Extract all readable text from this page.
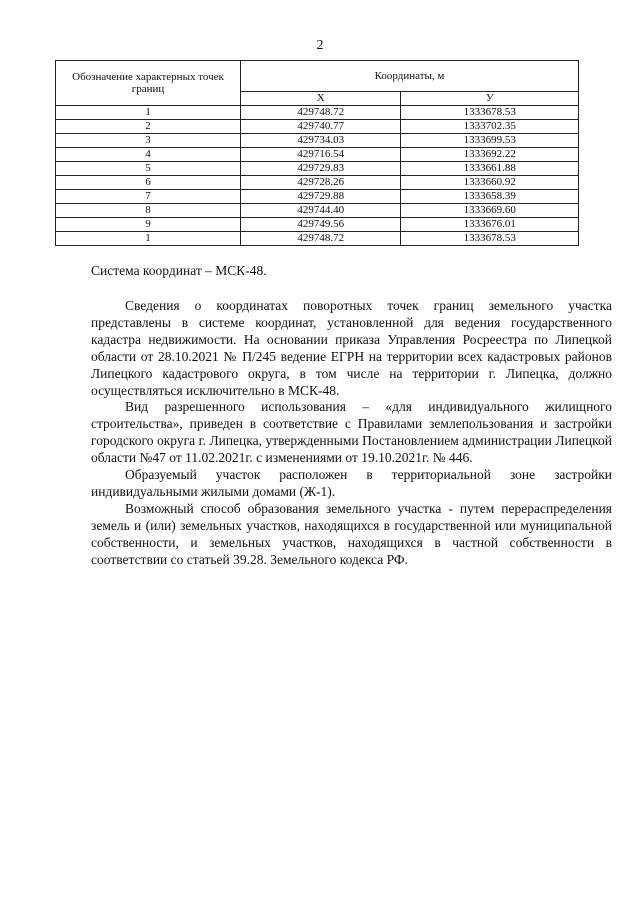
2
Обозначение характерных точек границ	Координаты, м	
	Х	У
1	429748.72	1333678.53
2	429740.77	1333702.35
3	429734.03	1333699.53
4	429716.54	1333692.22
5	429729.83	1333661.88
6	429728.26	1333660.92
7	429729.88	1333658.39
8	429744.40	1333669.60
9	429749.56	1333676.01
1	429748.72	1333678.53
Система координат – МСК-48.

Сведения о координатах поворотных точек границ земельного участка представлены в системе координат, установленной для ведения государственного кадастра недвижимости. На основании приказа Управления Росреестра по Липецкой области от 28.10.2021 № П/245 ведение ЕГРН на территории всех кадастровых районов Липецкого кадастрового округа, в том числе на территории г. Липецка, должно осуществляться исключительно в МСК-48.

Вид разрешенного использования – «для индивидуального жилищного строительства», приведен в соответствие с Правилами землепользования и застройки городского округа г. Липецка, утвержденными Постановлением администрации Липецкой области №47 от 11.02.2021г. с изменениями от 19.10.2021г. № 446.

Образуемый участок расположен в территориальной зоне застройки индивидуальными жилыми домами (Ж-1).

Возможный способ образования земельного участка - путем перераспределения земель и (или) земельных участков, находящихся в государственной или муниципальной собственности, и земельных участков, находящихся в частной собственности в соответствии со статьей 39.28. Земельного кодекса РФ.
